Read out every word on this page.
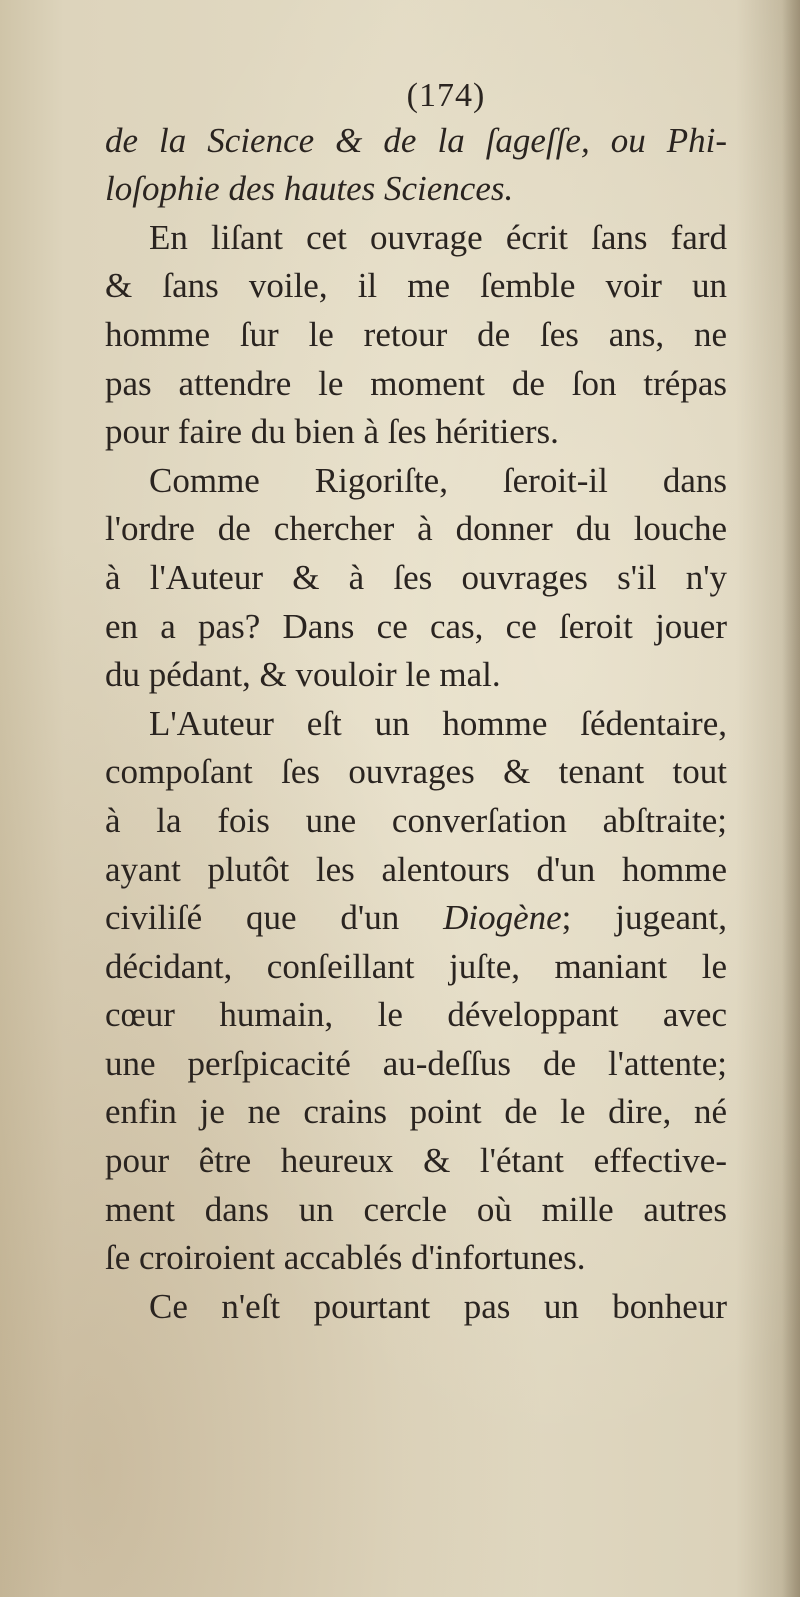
(174)
de la Science & de la ſageſſe, ou Phi-
loſophie des hautes Sciences.
En liſant cet ouvrage écrit ſans fard
& ſans voile, il me ſemble voir un
homme ſur le retour de ſes ans, ne
pas attendre le moment de ſon trépas
pour faire du bien à ſes héritiers.
Comme Rigoriſte, ſeroit-il dans
l'ordre de chercher à donner du louche
à l'Auteur & à ſes ouvrages s'il n'y
en a pas? Dans ce cas, ce ſeroit jouer
du pédant, & vouloir le mal.
L'Auteur eſt un homme ſédentaire,
compoſant ſes ouvrages & tenant tout
à la fois une converſation abſtraite;
ayant plutôt les alentours d'un homme
civiliſé que d'un Diogène; jugeant,
décidant, conſeillant juſte, maniant le
cœur humain, le développant avec
une perſpicacité au-deſſus de l'attente;
enfin je ne crains point de le dire, né
pour être heureux & l'étant effective-
ment dans un cercle où mille autres
ſe croiroient accablés d'infortunes.
Ce n'eſt pourtant pas un bonheur
